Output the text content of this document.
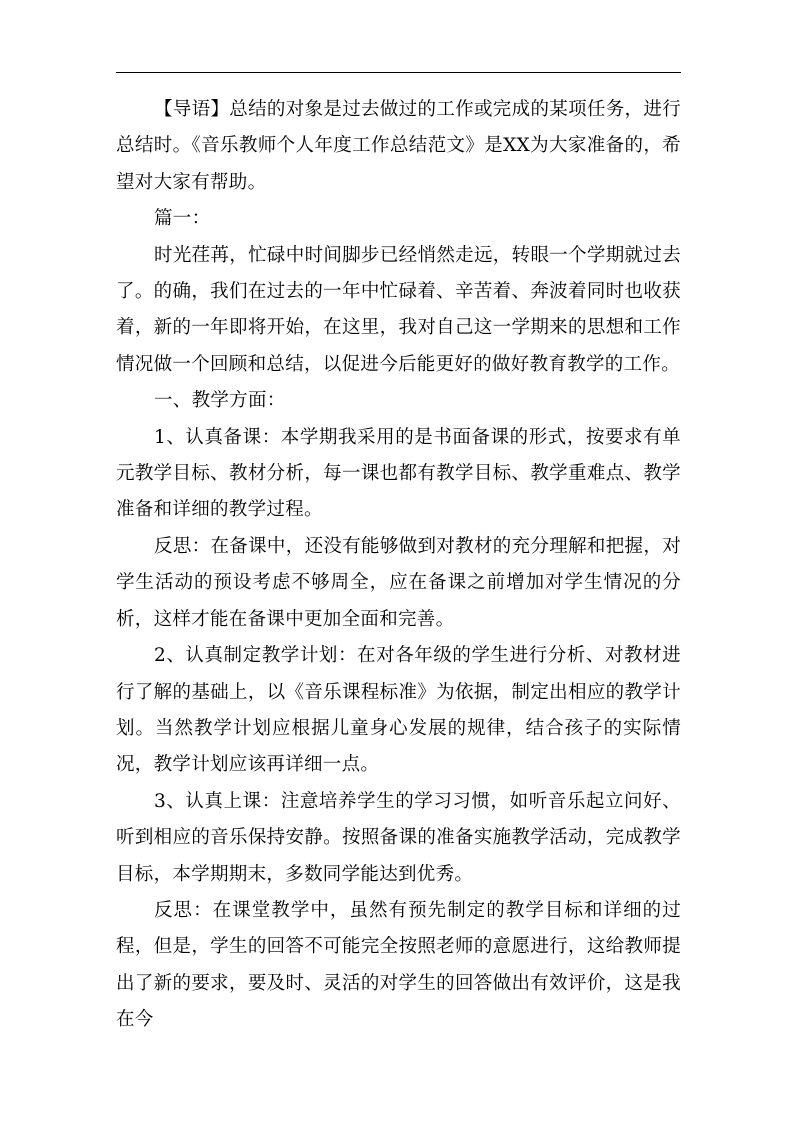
【导语】总结的对象是过去做过的工作或完成的某项任务，进行总结时。《音乐教师个人年度工作总结范文》是XX为大家准备的，希望对大家有帮助。

篇一：

时光荏苒，忙碌中时间脚步已经悄然走远，转眼一个学期就过去了。的确，我们在过去的一年中忙碌着、辛苦着、奔波着同时也收获着，新的一年即将开始，在这里，我对自己这一学期来的思想和工作情况做一个回顾和总结，以促进今后能更好的做好教育教学的工作。

一、教学方面：

1、认真备课：本学期我采用的是书面备课的形式，按要求有单元教学目标、教材分析，每一课也都有教学目标、教学重难点、教学准备和详细的教学过程。

反思：在备课中，还没有能够做到对教材的充分理解和把握，对学生活动的预设考虑不够周全，应在备课之前增加对学生情况的分析，这样才能在备课中更加全面和完善。

2、认真制定教学计划：在对各年级的学生进行分析、对教材进行了解的基础上，以《音乐课程标准》为依据，制定出相应的教学计划。当然教学计划应根据儿童身心发展的规律，结合孩子的实际情况，教学计划应该再详细一点。

3、认真上课：注意培养学生的学习习惯，如听音乐起立问好、听到相应的音乐保持安静。按照备课的准备实施教学活动，完成教学目标，本学期期末，多数同学能达到优秀。

反思：在课堂教学中，虽然有预先制定的教学目标和详细的过程，但是，学生的回答不可能完全按照老师的意愿进行，这给教师提出了新的要求，要及时、灵活的对学生的回答做出有效评价，这是我在今
